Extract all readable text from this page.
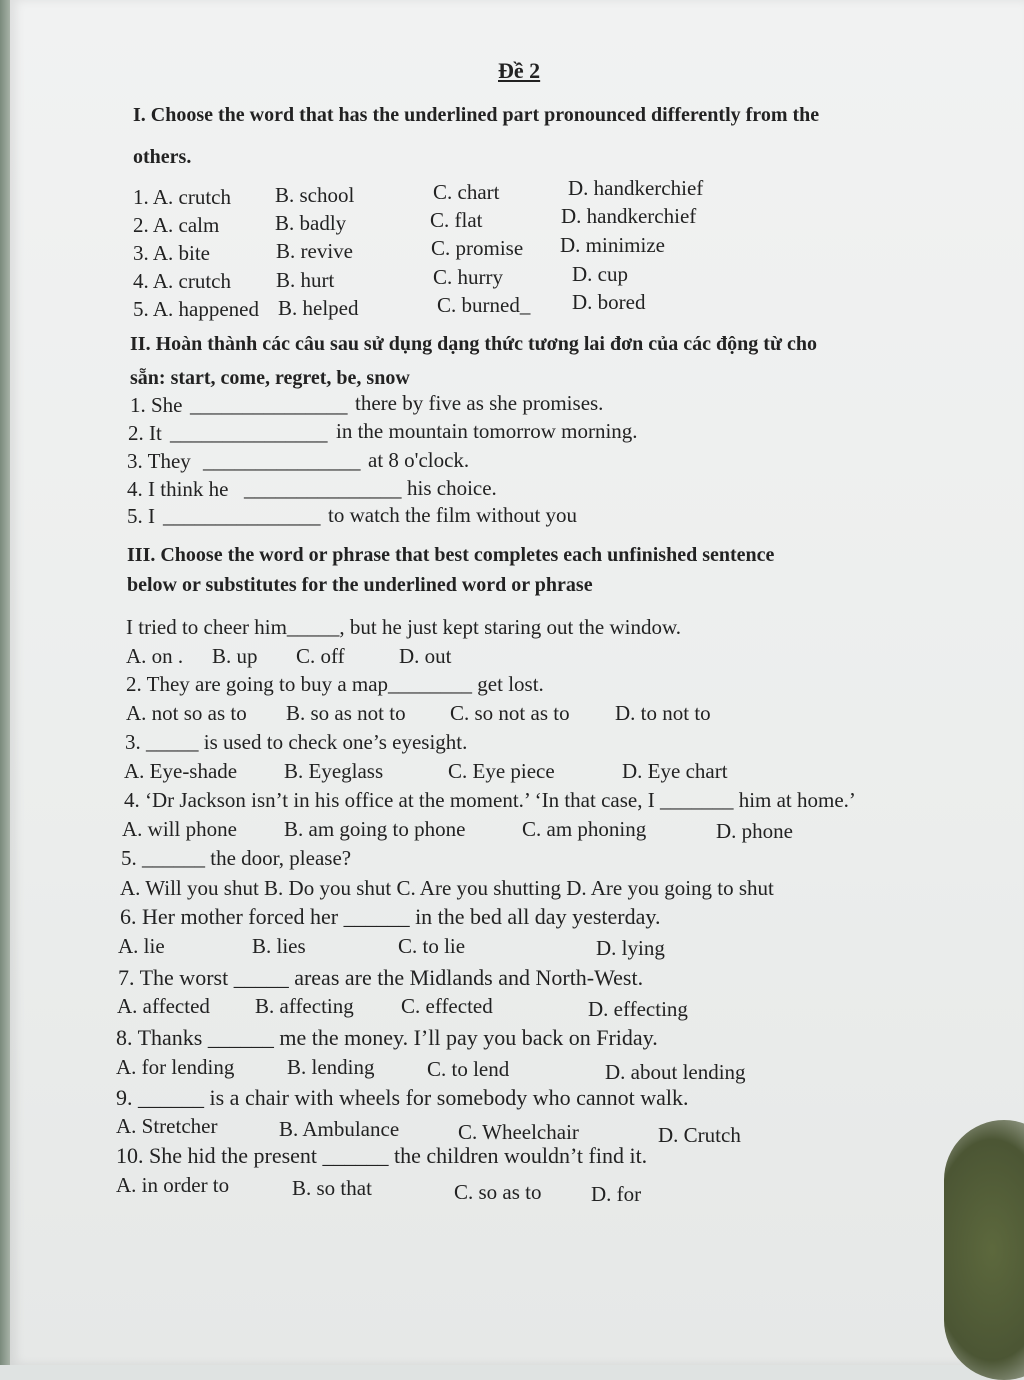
Đề 2
I. Choose the word that has the underlined part pronounced differently from the
others.
1. A. crutch B. school	C. chart	D. handkerchief
2. A. calm	B. badly	C. flat	D. handkerchief
3. A. bite	B. revive	C. promise D. minimize
4. A. crutch B. hurt	C. hurry	D. cup
5. A. happened B. helped	C. burned_ D. bored
II. Hoàn thành các câu sau sử dụng dạng thức tương lai đơn của các động từ cho
sẵn: start, come, regret, be, snow
1. She _______________ there by five as she promises.
2. It _______________ in the mountain tomorrow morning.
3. They _______________ at 8 o'clock.
4. I think he _______________ his choice.
5. I _______________ to watch the film without you
III. Choose the word or phrase that best completes each unfinished sentence
below or substitutes for the underlined word or phrase
I tried to cheer him_____, but he just kept staring out the window.
A. on . B. up C. off	D. out
2. They are going to buy a map________ get lost.
A. not so as to B. so as not to C. so not as to D. to not to
3. _____ is used to check one’s eyesight.
A. Eye-shade B. Eyeglass	C. Eye piece	D. Eye chart
4. ‘Dr Jackson isn’t in his office at the moment.’ ‘In that case, I _______ him at home.’
A. will phone B. am going to phone	C. am phoning	D. phone
5. ______ the door, please?
A. Will you shut B. Do you shut C. Are you shutting D. Are you going to shut
6. Her mother forced her ______ in the bed all day yesterday.
A. lie	B. lies	C. to lie	D. lying
7. The worst _____ areas are the Midlands and North-West.
A. affected B. affecting C. effected	D. effecting
8. Thanks ______ me the money. I’ll pay you back on Friday.
A. for lending	B. lending	C. to lend	D. about lending
9. ______ is a chair with wheels for somebody who cannot walk.
A. Stretcher	B. Ambulance	C. Wheelchair	D. Crutch
10. She hid the present ______ the children wouldn’t find it.
A. in order to	B. so that	C. so as to D. for
